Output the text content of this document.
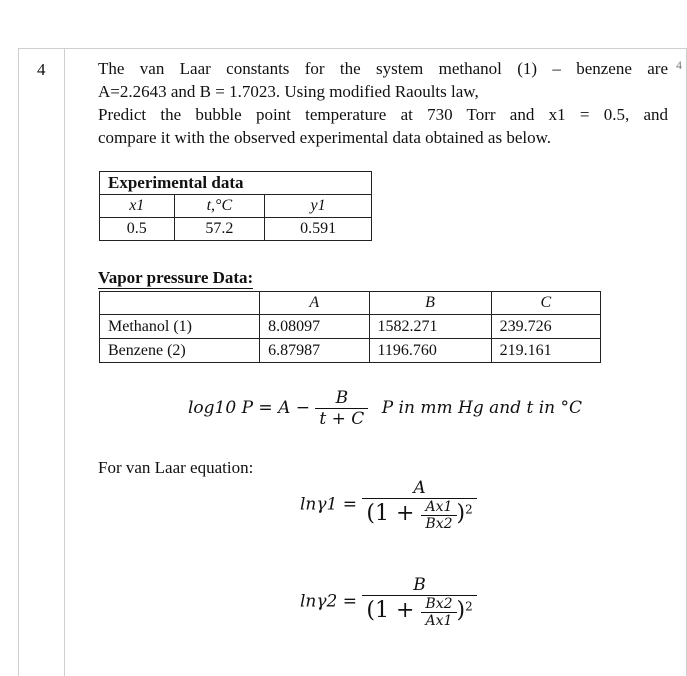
4	4
The van Laar constants for the system methanol (1) – benzene are
A=2.2643 and B = 1.7023. Using modified Raoults law,
Predict the bubble point temperature at 730 Torr and x1 = 0.5, and
compare it with the observed experimental data obtained as below.
Experimental data		
x1	t,°C	y1
0.5	57.2	0.591
Vapor pressure Data:
	A	B	C
Methanol (1)	8.08097	1582.271	239.726
Benzene (2)	6.87987	1196.760	219.161
log10 $P = A - \frac{B}{t + C}$ P in mm Hg and t in °C
For van Laar equation:
$\ln\gamma 1 = \frac{A}{(1 + \frac{Ax1}{Bx2} )^2}$
$\ln\gamma 2 = \frac{B}{(1 + \frac{Bx2}{Ax1} )^2}$
